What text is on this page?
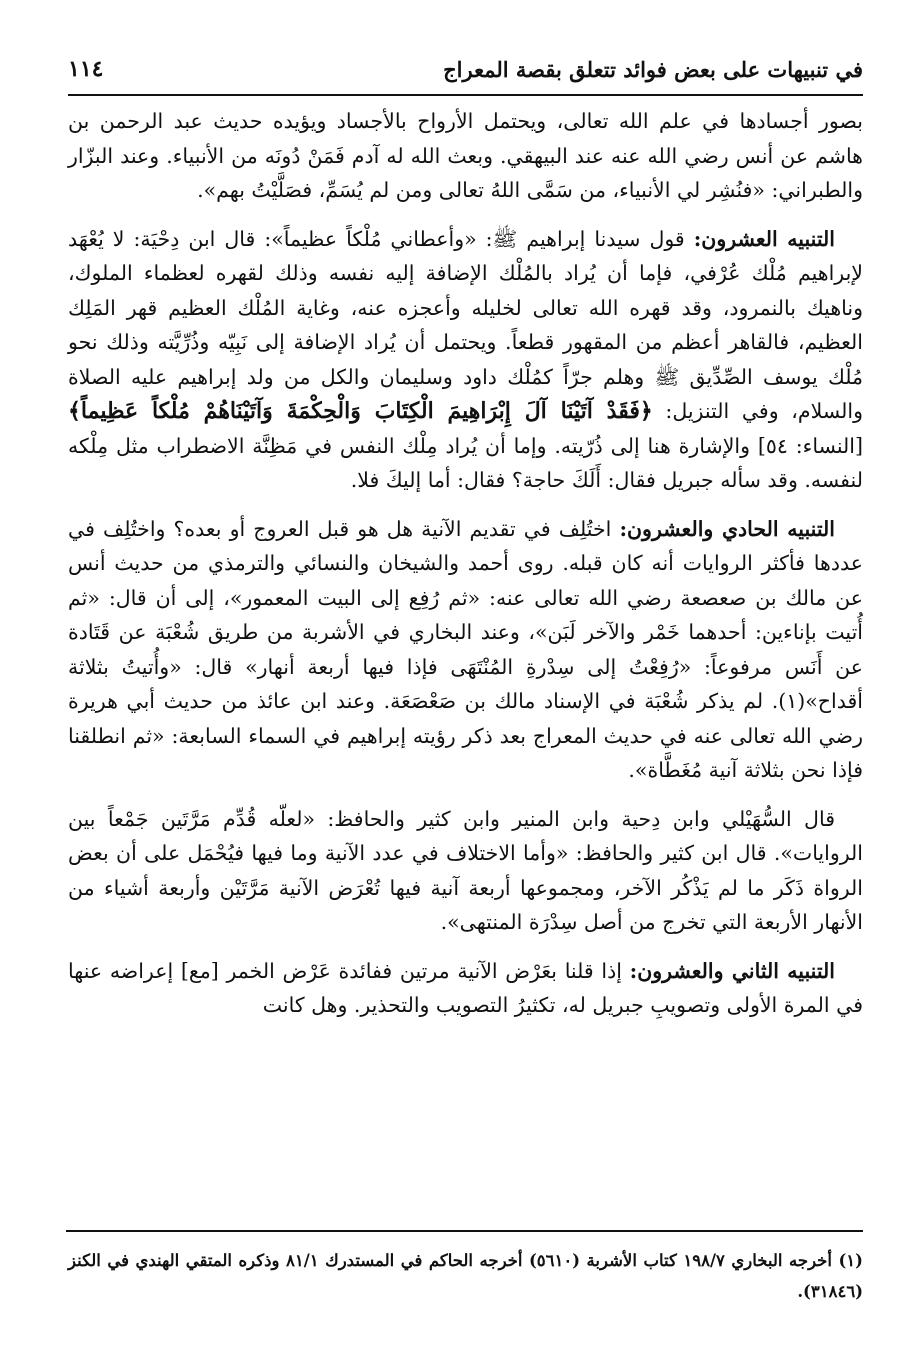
في تنبيهات على بعض فوائد تتعلق بقصة المعراج
١١٤

بصور أجسادها في علم الله تعالى، ويحتمل الأرواح بالأجساد ويؤيده حديث عبد الرحمن بن هاشم عن أنس رضي الله عنه عند البيهقي. وبعث الله له آدم فَمَنْ دُونَه من الأنبياء. وعند البزّار والطبراني: «فنُشِر لي الأنبياء، من سَمَّى اللهُ تعالى ومن لم يُسَمِّ، فصَلَّيْتُ بهم».

التنبيه العشرون: قول سيدنا إبراهيم ﷺ: «وأعطاني مُلْكاً عظيماً»: قال ابن دِحْيَة: لا يُعْهَد لإبراهيم مُلْك عُرْفي، فإما أن يُراد بالمُلْك الإضافة إليه نفسه وذلك لقهره لعظماء الملوك، وناهيك بالنمرود، وقد قهره الله تعالى لخليله وأعجزه عنه، وغاية المُلْك العظيم قهر المَلِك العظيم، فالقاهر أعظم من المقهور قطعاً. ويحتمل أن يُراد الإضافة إلى نَبِيّه وذُرِّيَّته وذلك نحو مُلْك يوسف الصِّدِّيق ﷺ وهلم جرّاً كمُلْك داود وسليمان والكل من ولد إبراهيم عليه الصلاة والسلام، وفي التنزيل: ﴿فَقَدْ آتَيْنَا آلَ إِبْرَاهِيمَ الْكِتَابَ وَالْحِكْمَةَ وَآتَيْنَاهُمْ مُلْكاً عَظِيماً﴾ [النساء: ٥٤] والإشارة هنا إلى ذُرّيته. وإما أن يُراد مِلْك النفس في مَظِنَّة الاضطراب مثل مِلْكه لنفسه. وقد سأله جبريل فقال: أَلَكَ حاجة؟ فقال: أما إليكَ فلا.

التنبيه الحادي والعشرون: اختُلِف في تقديم الآنية هل هو قبل العروج أو بعده؟ واختُلِف في عددها فأكثر الروايات أنه كان قبله. روى أحمد والشيخان والنسائي والترمذي من حديث أنس عن مالك بن صعصعة رضي الله تعالى عنه: «ثم رُفِع إلى البيت المعمور»، إلى أن قال: «ثم أُتيت بإناءين: أحدهما خَمْر والآخر لَبَن»، وعند البخاري في الأشربة من طريق شُعْبَة عن قَتَادة عن أَنَس مرفوعاً: «رُفِعْتُ إلى سِدْرةِ المُنْتَهَى فإذا فيها أربعة أنهار» قال: «وأُتيتُ بثلاثة أقداح»(١). لم يذكر شُعْبَة في الإسناد مالك بن صَعْصَعَة. وعند ابن عائذ من حديث أبي هريرة رضي الله تعالى عنه في حديث المعراج بعد ذكر رؤيته إبراهيم في السماء السابعة: «ثم انطلقنا فإذا نحن بثلاثة آنية مُغَطَّاة».

قال السُّهَيْلي وابن دِحية وابن المنير وابن كثير والحافظ: «لعلّه قُدِّم مَرَّتَين جَمْعاً بين الروايات». قال ابن كثير والحافظ: «وأما الاختلاف في عدد الآنية وما فيها فيُحْمَل على أن بعض الرواة ذَكَر ما لم يَذْكُر الآخر، ومجموعها أربعة آنية فيها تُعْرَض الآنية مَرَّتَيْن وأربعة أشياء من الأنهار الأربعة التي تخرج من أصل سِدْرَة المنتهى».

التنبيه الثاني والعشرون: إذا قلنا بعَرْض الآنية مرتين ففائدة عَرْض الخمر [مع] إعراضه عنها في المرة الأولى وتصويبِ جبريل له، تكثيرُ التصويب والتحذير. وهل كانت

(١) أخرجه البخاري ١٩٨/٧ كتاب الأشربة (٥٦١٠) أخرجه الحاكم في المستدرك ٨١/١ وذكره المتقي الهندي في الكنز (٣١٨٤٦).
